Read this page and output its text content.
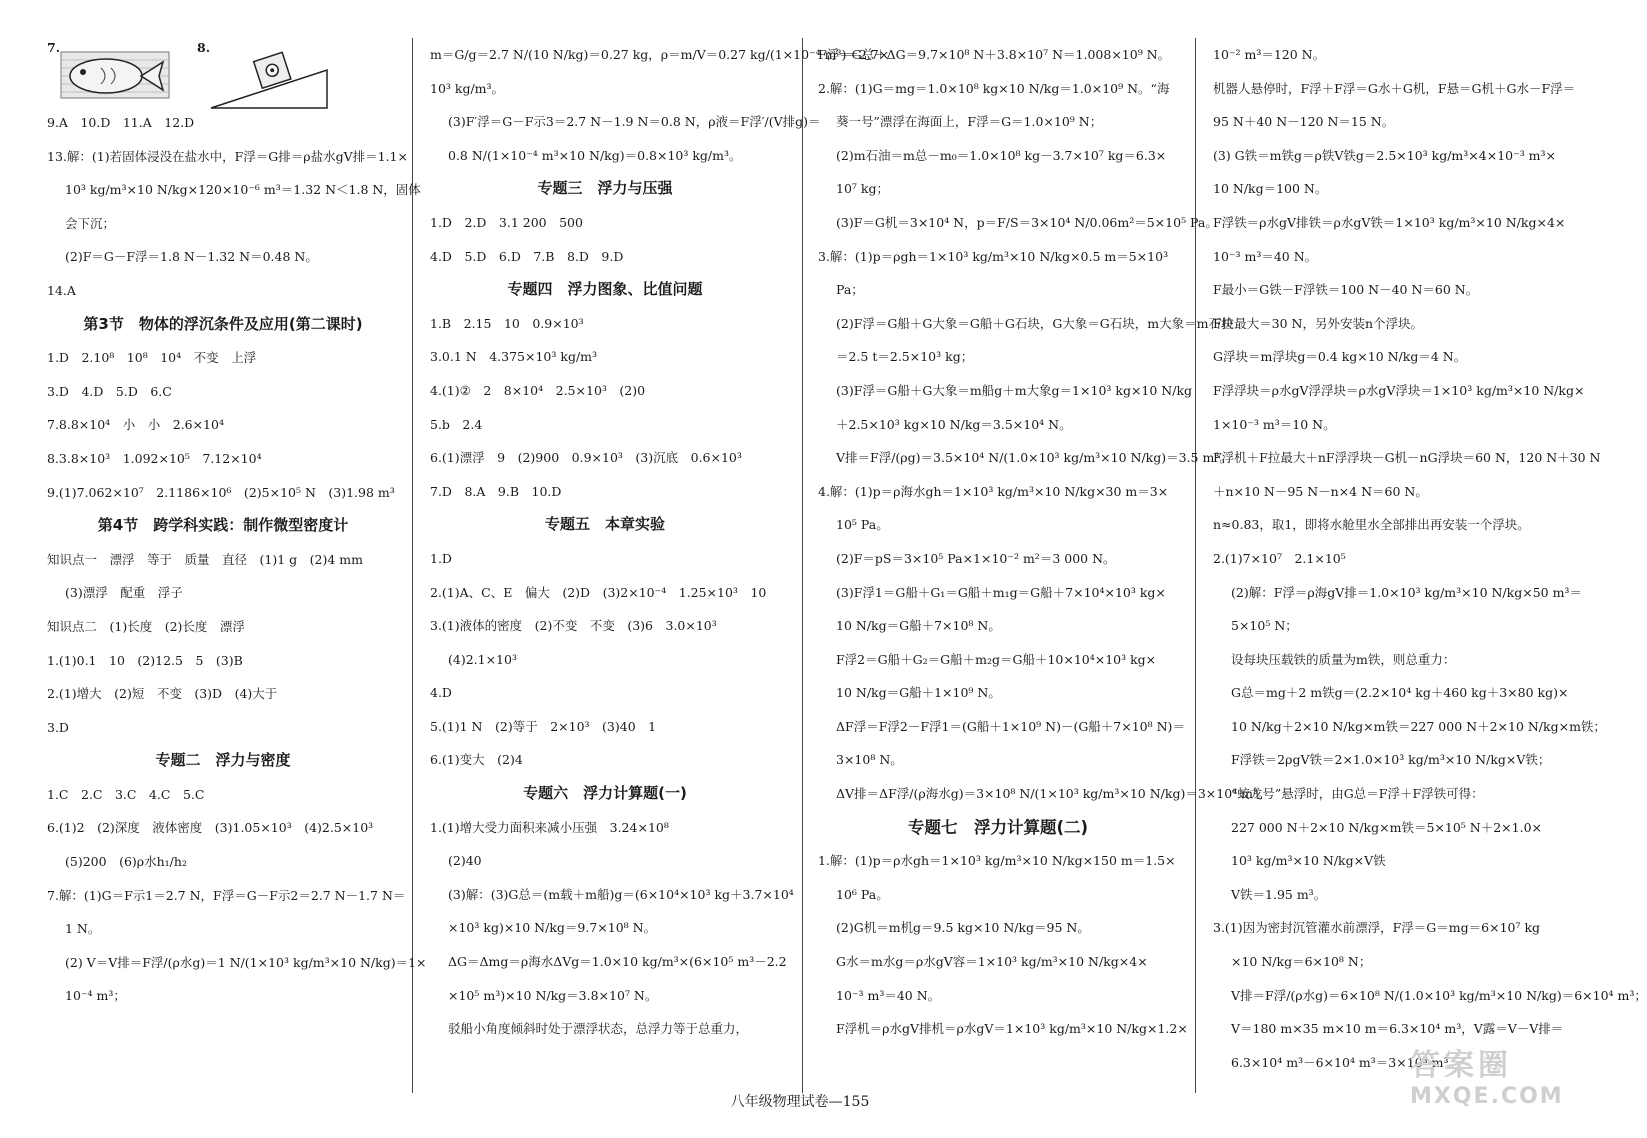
7.	8.
9.A　10.D　11.A　12.D
13.解：(1)若固体浸没在盐水中，F浮＝G排＝ρ盐水gV排＝1.1×
10³ kg/m³×10 N/kg×120×10⁻⁶ m³＝1.32 N＜1.8 N，固体
会下沉；
(2)F＝G－F浮＝1.8 N－1.32 N＝0.48 N。
14.A
第3节　物体的浮沉条件及应用(第二课时)
1.D　2.10⁸　10⁸　10⁴　不变　上浮
3.D　4.D　5.D　6.C
7.8.8×10⁴　小　小　2.6×10⁴
8.3.8×10³　1.092×10⁵　7.12×10⁴
9.(1)7.062×10⁷　2.1186×10⁶　(2)5×10⁵ N　(3)1.98 m³
第4节　跨学科实践：制作微型密度计
知识点一　漂浮　等于　质量　直径　(1)1 g　(2)4 mm
(3)漂浮　配重　浮子
知识点二　(1)长度　(2)长度　漂浮
1.(1)0.1　10　(2)12.5　5　(3)B
2.(1)增大　(2)短　不变　(3)D　(4)大于
3.D
专题二　浮力与密度
1.C　2.C　3.C　4.C　5.C
6.(1)2　(2)深度　液体密度　(3)1.05×10³　(4)2.5×10³
(5)200　(6)ρ水h₁/h₂
7.解：(1)G＝F示1＝2.7 N，F浮＝G－F示2＝2.7 N－1.7 N＝
1 N。
(2) V＝V排＝F浮/(ρ水g)＝1 N/(1×10³ kg/m³×10 N/kg)＝1×
10⁻⁴ m³；
m＝G/g＝2.7 N/(10 N/kg)＝0.27 kg，ρ＝m/V＝0.27 kg/(1×10⁻⁴ m³)＝2.7×
10³ kg/m³。
(3)F′浮＝G－F示3＝2.7 N－1.9 N＝0.8 N，ρ液＝F浮′/(V排g)＝
0.8 N/(1×10⁻⁴ m³×10 N/kg)＝0.8×10³ kg/m³。
专题三　浮力与压强
1.D　2.D　3.1 200　500
4.D　5.D　6.D　7.B　8.D　9.D
专题四　浮力图象、比值问题
1.B　2.15　10　0.9×10³
3.0.1 N　4.375×10³ kg/m³
4.(1)②　2　8×10⁴　2.5×10³　(2)0
5.b　2.4
6.(1)漂浮　9　(2)900　0.9×10³　(3)沉底　0.6×10³
7.D　8.A　9.B　10.D
专题五　本章实验
1.D
2.(1)A、C、E　偏大　(2)D　(3)2×10⁻⁴　1.25×10³　10
3.(1)液体的密度　(2)不变　不变　(3)6　3.0×10³
(4)2.1×10³
4.D
5.(1)1 N　(2)等于　2×10³　(3)40　1
6.(1)变大　(2)4
专题六　浮力计算题(一)
1.(1)增大受力面积来减小压强　3.24×10⁸
(2)40
(3)解：(3)G总＝(m载＋m船)g＝(6×10⁴×10³ kg＋3.7×10⁴
×10³ kg)×10 N/kg＝9.7×10⁸ N。
ΔG＝Δmg＝ρ海水ΔVg＝1.0×10 kg/m³×(6×10⁵ m³－2.2
×10⁵ m³)×10 N/kg＝3.8×10⁷ N。
驳船小角度倾斜时处于漂浮状态，总浮力等于总重力，
F浮＝G总＋ΔG＝9.7×10⁸ N＋3.8×10⁷ N＝1.008×10⁹ N。
2.解：(1)G＝mg＝1.0×10⁸ kg×10 N/kg＝1.0×10⁹ N。“海
葵一号”漂浮在海面上，F浮＝G＝1.0×10⁹ N；
(2)m石油＝m总－m₀＝1.0×10⁸ kg－3.7×10⁷ kg＝6.3×
10⁷ kg；
(3)F＝G机＝3×10⁴ N，p＝F/S＝3×10⁴ N/0.06m²＝5×10⁵ Pa。
3.解：(1)p＝ρgh＝1×10³ kg/m³×10 N/kg×0.5 m＝5×10³
Pa；
(2)F浮＝G船＋G大象＝G船＋G石块，G大象＝G石块，m大象＝m石块
＝2.5 t＝2.5×10³ kg；
(3)F浮＝G船＋G大象＝m船g＋m大象g＝1×10³ kg×10 N/kg
＋2.5×10³ kg×10 N/kg＝3.5×10⁴ N。
V排＝F浮/(ρg)＝3.5×10⁴ N/(1.0×10³ kg/m³×10 N/kg)＝3.5 m³。
4.解：(1)p＝ρ海水gh＝1×10³ kg/m³×10 N/kg×30 m＝3×
10⁵ Pa。
(2)F＝pS＝3×10⁵ Pa×1×10⁻² m²＝3 000 N。
(3)F浮1＝G船＋G₁＝G船＋m₁g＝G船＋7×10⁴×10³ kg×
10 N/kg＝G船＋7×10⁸ N。
F浮2＝G船＋G₂＝G船＋m₂g＝G船＋10×10⁴×10³ kg×
10 N/kg＝G船＋1×10⁹ N。
ΔF浮＝F浮2－F浮1＝(G船＋1×10⁹ N)－(G船＋7×10⁸ N)＝
3×10⁸ N。
ΔV排＝ΔF浮/(ρ海水g)＝3×10⁸ N/(1×10³ kg/m³×10 N/kg)＝3×10⁴ m³。
专题七　浮力计算题(二)
1.解：(1)p＝ρ水gh＝1×10³ kg/m³×10 N/kg×150 m＝1.5×
10⁶ Pa。
(2)G机＝m机g＝9.5 kg×10 N/kg＝95 N。
G水＝m水g＝ρ水gV容＝1×10³ kg/m³×10 N/kg×4×
10⁻³ m³＝40 N。
F浮机＝ρ水gV排机＝ρ水gV＝1×10³ kg/m³×10 N/kg×1.2×
10⁻² m³＝120 N。
机器人悬停时，F浮＋F浮＝G水＋G机，F悬＝G机＋G水－F浮＝
95 N＋40 N－120 N＝15 N。
(3) G铁＝m铁g＝ρ铁V铁g＝2.5×10³ kg/m³×4×10⁻³ m³×
10 N/kg＝100 N。
F浮铁＝ρ水gV排铁＝ρ水gV铁＝1×10³ kg/m³×10 N/kg×4×
10⁻³ m³＝40 N。
F最小＝G铁－F浮铁＝100 N－40 N＝60 N。
F拉最大＝30 N，另外安装n个浮块。
G浮块＝m浮块g＝0.4 kg×10 N/kg＝4 N。
F浮浮块＝ρ水gV浮浮块＝ρ水gV浮块＝1×10³ kg/m³×10 N/kg×
1×10⁻³ m³＝10 N。
F浮机＋F拉最大＋nF浮浮块－G机－nG浮块＝60 N，120 N＋30 N
＋n×10 N－95 N－n×4 N＝60 N。
n≈0.83，取1，即将水舱里水全部排出再安装一个浮块。
2.(1)7×10⁷　2.1×10⁵
(2)解：F浮＝ρ海gV排＝1.0×10³ kg/m³×10 N/kg×50 m³＝
5×10⁵ N；
设每块压载铁的质量为m铁，则总重力：
G总＝mg＋2 m铁g＝(2.2×10⁴ kg＋460 kg＋3×80 kg)×
10 N/kg＋2×10 N/kg×m铁＝227 000 N＋2×10 N/kg×m铁；
F浮铁＝2ρgV铁＝2×1.0×10³ kg/m³×10 N/kg×V铁；
“蛟龙号”悬浮时，由G总＝F浮＋F浮铁可得：
227 000 N＋2×10 N/kg×m铁＝5×10⁵ N＋2×1.0×
10³ kg/m³×10 N/kg×V铁
V铁＝1.95 m³。
3.(1)因为密封沉管灌水前漂浮，F浮＝G＝mg＝6×10⁷ kg
×10 N/kg＝6×10⁸ N；
V排＝F浮/(ρ水g)＝6×10⁸ N/(1.0×10³ kg/m³×10 N/kg)＝6×10⁴ m³；
V＝180 m×35 m×10 m＝6.3×10⁴ m³，V露＝V－V排＝
6.3×10⁴ m³－6×10⁴ m³＝3×10³ m³。
八年级物理试卷—155
答案圈
MXQE.COM
